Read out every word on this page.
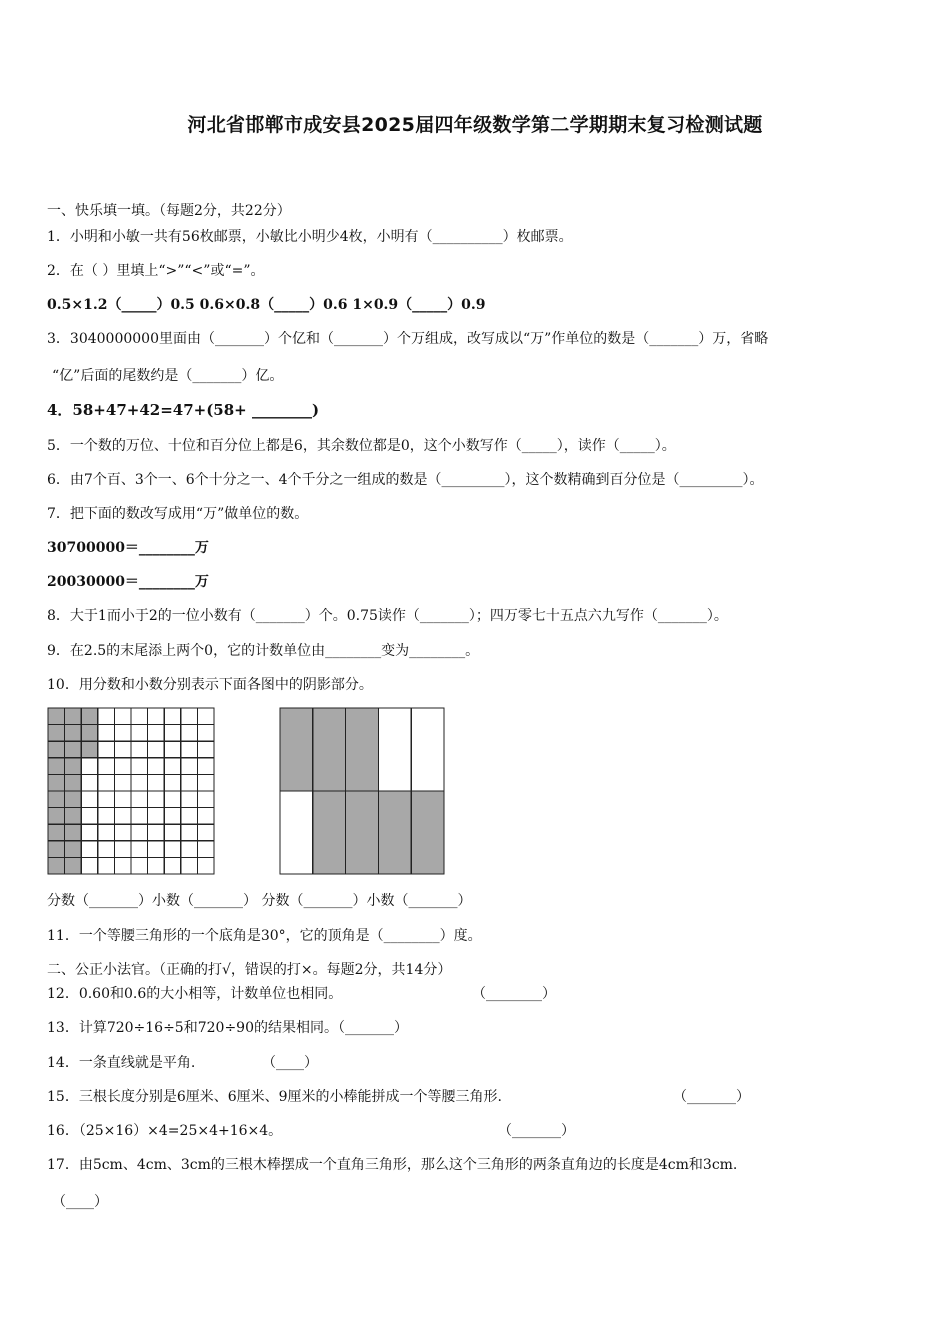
河北省邯郸市成安县2025届四年级数学第二学期期末复习检测试题
一、快乐填一填。（每题2分，共22分）
1．小明和小敏一共有56枚邮票，小敏比小明少4枚，小明有（__________）枚邮票。
2．在（ ）里填上“>”“<”或“=”。
0.5×1.2（_____）0.5 0.6×0.8（_____）0.6 1×0.9（_____）0.9
3．3040000000里面由（_______）个亿和（_______）个万组成，改写成以“万”作单位的数是（_______）万，省略
“亿”后面的尾数约是（_______）亿。
4．58+47+42=47+(58+ ________)
5．一个数的万位、十位和百分位上都是6，其余数位都是0，这个小数写作（_____），读作（_____）。
6．由7个百、3个一、6个十分之一、4个千分之一组成的数是（_________），这个数精确到百分位是（_________）。
7．把下面的数改写成用“万”做单位的数。
30700000＝________万
20030000＝________万
8．大于1而小于2的一位小数有（_______）个。0.75读作（_______）；四万零七十五点六九写作（_______）。
9．在2.5的末尾添上两个0，它的计数单位由________变为________。
10．用分数和小数分别表示下面各图中的阴影部分。
分数（_______）小数（_______） 分数（_______）小数（_______）
11．一个等腰三角形的一个底角是30°，它的顶角是（________）度。
二、公正小法官。（正确的打√，错误的打×。每题2分，共14分）
12．0.60和0.6的大小相等，计数单位也相同。	（________）
13．计算720÷16÷5和720÷90的结果相同。（_______）
14．一条直线就是平角.	（____）
15．三根长度分别是6厘米、6厘米、9厘米的小棒能拼成一个等腰三角形.	（_______）
16．（25×16）×4=25×4+16×4。	（_______）
17．由5cm、4cm、3cm的三根木棒摆成一个直角三角形，那么这个三角形的两条直角边的长度是4cm和3cm.
（____）
